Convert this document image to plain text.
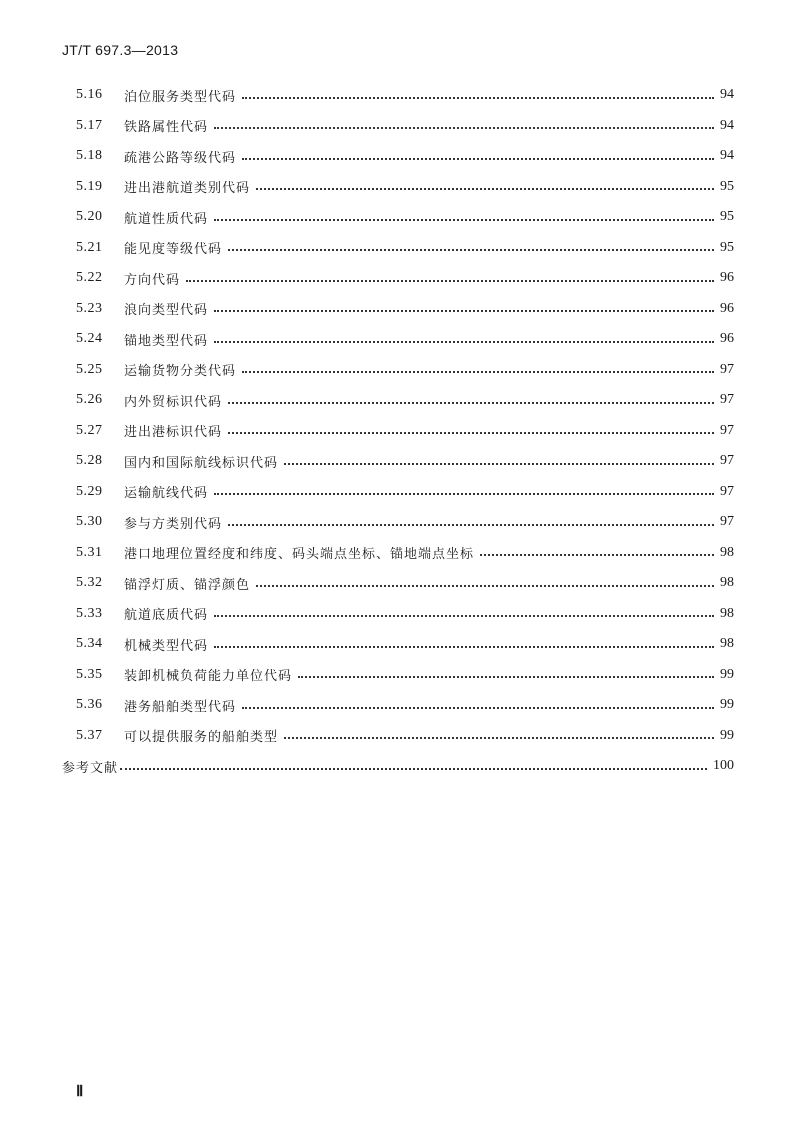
JT/T 697.3—2013
5.16	泊位服务类型代码	94
5.17	铁路属性代码	94
5.18	疏港公路等级代码	94
5.19	进出港航道类别代码	95
5.20	航道性质代码	95
5.21	能见度等级代码	95
5.22	方向代码	96
5.23	浪向类型代码	96
5.24	锚地类型代码	96
5.25	运输货物分类代码	97
5.26	内外贸标识代码	97
5.27	进出港标识代码	97
5.28	国内和国际航线标识代码	97
5.29	运输航线代码	97
5.30	参与方类别代码	97
5.31	港口地理位置经度和纬度、码头端点坐标、锚地端点坐标	98
5.32	锚浮灯质、锚浮颜色	98
5.33	航道底质代码	98
5.34	机械类型代码	98
5.35	装卸机械负荷能力单位代码	99
5.36	港务船舶类型代码	99
5.37	可以提供服务的船舶类型	99
参考文献	100
Ⅱ
